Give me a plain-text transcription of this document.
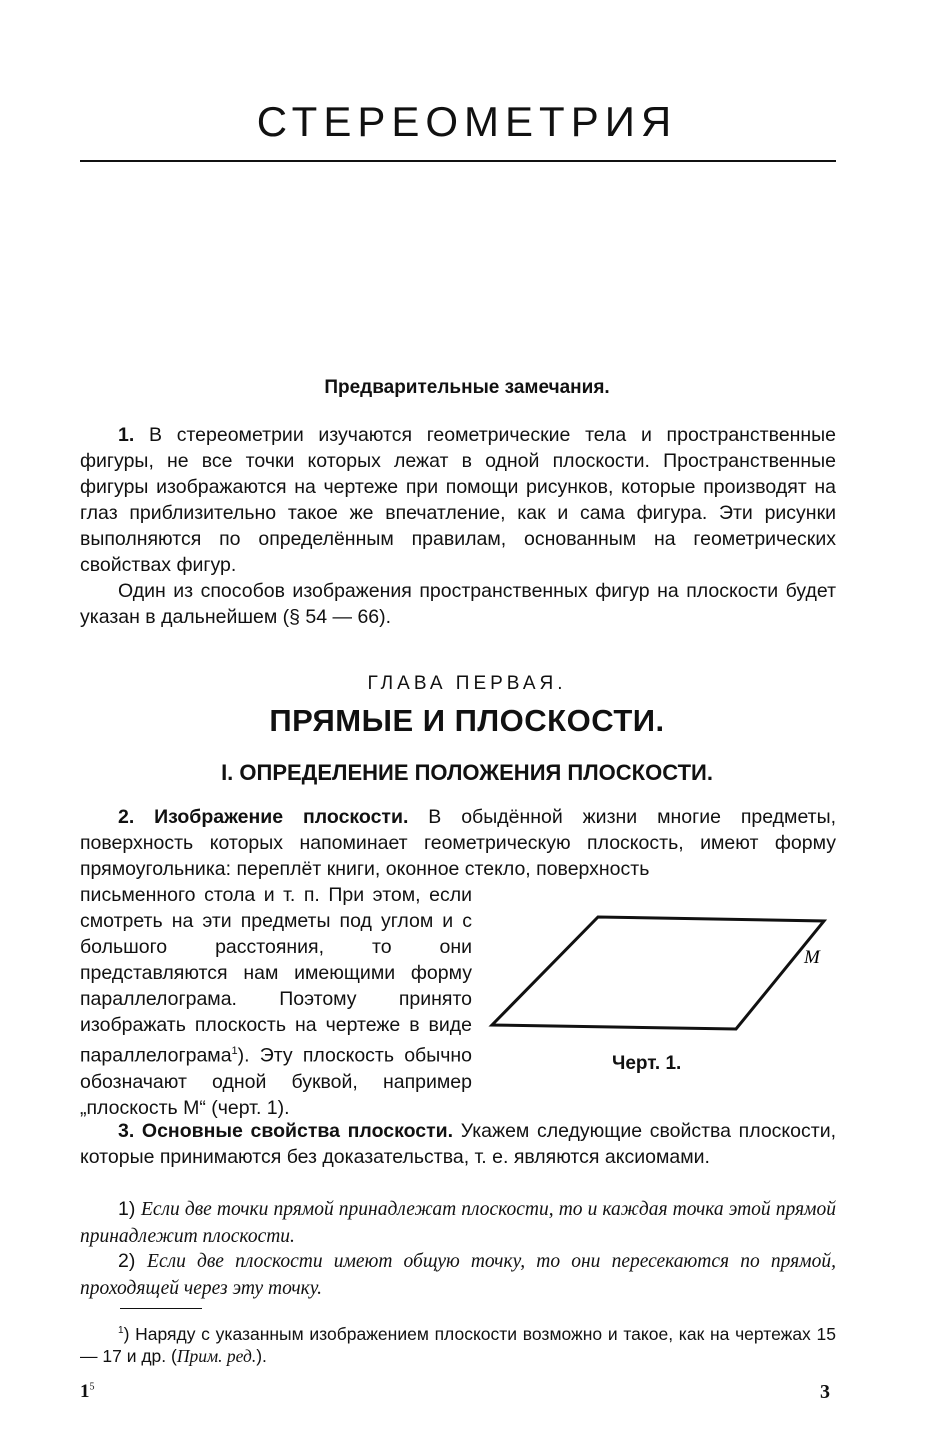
СТЕРЕОМЕТРИЯ
Предварительные замечания.
1. В стереометрии изучаются геометрические тела и пространственные фигуры, не все точки которых лежат в одной плоскости. Пространственные фигуры изображаются на чертеже при помощи рисунков, которые производят на глаз приблизительно такое же впечатление, как и сама фигура. Эти рисунки выполняются по определённым правилам, основанным на геометрических свойствах фигур.
Один из способов изображения пространственных фигур на плоскости будет указан в дальнейшем (§ 54 — 66).
ГЛАВА ПЕРВАЯ.
ПРЯМЫЕ И ПЛОСКОСТИ.
I. ОПРЕДЕЛЕНИЕ ПОЛОЖЕНИЯ ПЛОСКОСТИ.
2. Изображение плоскости. В обыдённой жизни многие предметы, поверхность которых напоминает геометрическую плоскость, имеют форму прямоугольника: переплёт книги, оконное стекло, поверхность
письменного стола и т. п. При этом, если смотреть на эти предметы под углом и с большого расстояния, то они представляются нам имеющими форму параллелограма. Поэтому принято изображать плоскость на чертеже в виде параллелограма$^1$). Эту плоскость обычно обозначают одной буквой, например „плоскость M“ (черт. 1).
M
Черт. 1.
3. Основные свойства плоскости. Укажем следующие свойства плоскости, которые принимаются без доказательства, т. е. являются аксиомами.
1) Если две точки прямой принадлежат плоскости, то и каждая точка этой прямой принадлежит плоскости.
2) Если две плоскости имеют общую точку, то они пересекаются по прямой, проходящей через эту точку.
$^1$) Наряду с указанным изображением плоскости возможно и такое, как на чертежах 15 — 17 и др. (Прим. ред.).
$1^5$	3
